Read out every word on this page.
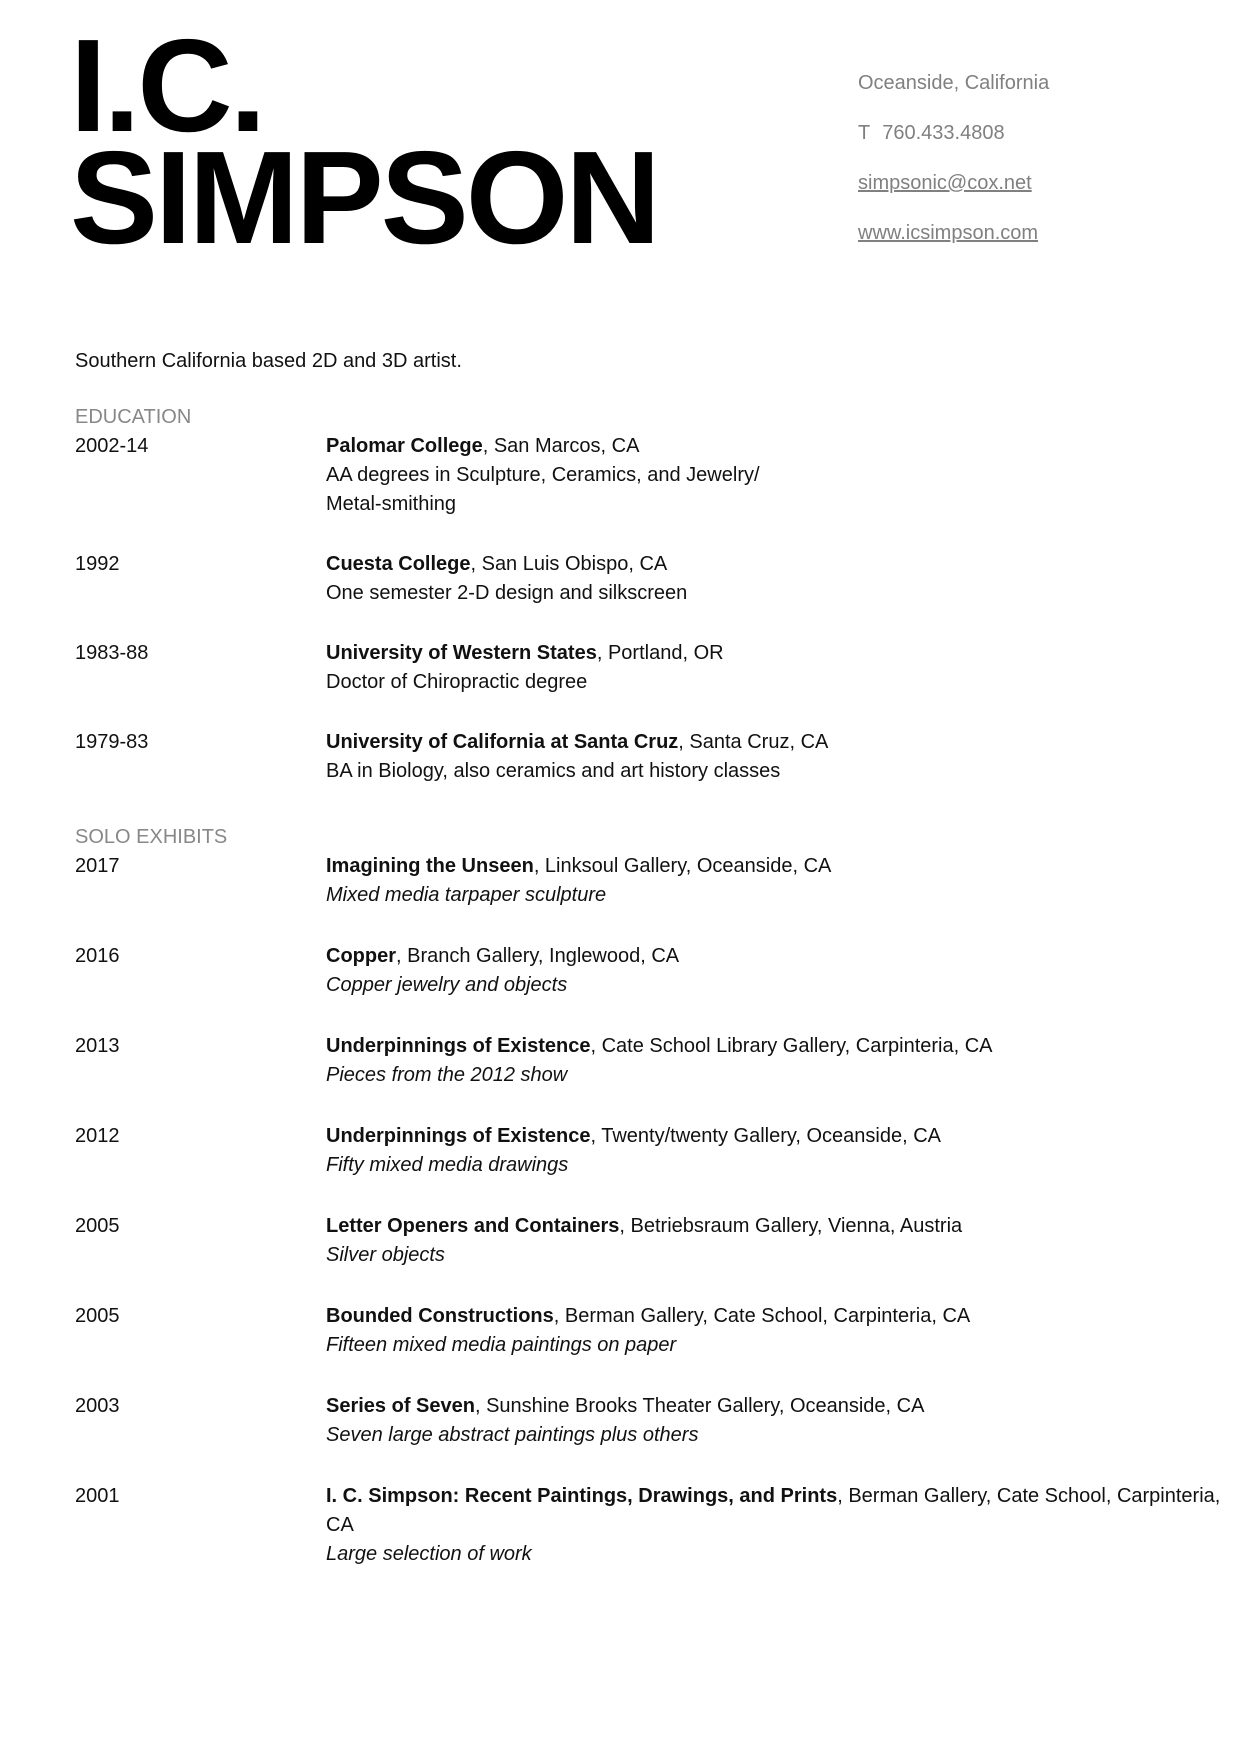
I.C.
SIMPSON
Oceanside, California
T 760.433.4808
simpsonic@cox.net
www.icsimpson.com
Southern California based 2D and 3D artist.
EDUCATION
2002-14	Palomar College, San Marcos, CA
AA degrees in Sculpture, Ceramics, and Jewelry/
Metal-smithing
1992	Cuesta College, San Luis Obispo, CA
One semester 2-D design and silkscreen
1983-88	University of Western States, Portland, OR
Doctor of Chiropractic degree
1979-83	University of California at Santa Cruz, Santa Cruz, CA
BA in Biology, also ceramics and art history classes
SOLO EXHIBITS
2017	Imagining the Unseen, Linksoul Gallery, Oceanside, CA
Mixed media tarpaper sculpture
2016	Copper, Branch Gallery, Inglewood, CA
Copper jewelry and objects
2013	Underpinnings of Existence, Cate School Library Gallery, Carpinteria, CA
Pieces from the 2012 show
2012	Underpinnings of Existence, Twenty/twenty Gallery, Oceanside, CA
Fifty mixed media drawings
2005	Letter Openers and Containers, Betriebsraum Gallery, Vienna, Austria
Silver objects
2005	Bounded Constructions, Berman Gallery, Cate School, Carpinteria, CA
Fifteen mixed media paintings on paper
2003	Series of Seven, Sunshine Brooks Theater Gallery, Oceanside, CA
Seven large abstract paintings plus others
2001	I. C. Simpson: Recent Paintings, Drawings, and Prints, Berman Gallery, Cate School, Carpinteria, CA
Large selection of work
